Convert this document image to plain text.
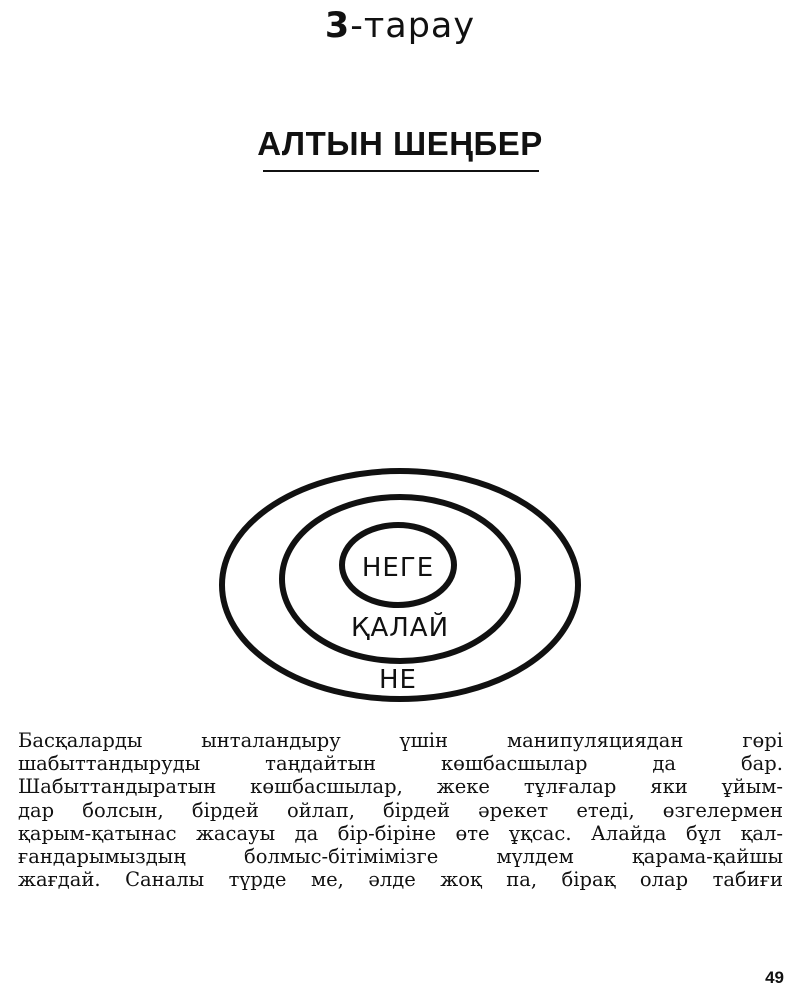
3-тарау
АЛТЫН ШЕҢБЕР
НЕГЕ
ҚАЛАЙ
НЕ

Басқаларды ынталандыру үшін манипуляциядан гөрі
шабыттандыруды таңдайтын көшбасшылар да бар.
Шабыттандыратын көшбасшылар, жеке тұлғалар яки ұйым-
дар болсын, бірдей ойлап, бірдей әрекет етеді, өзгелермен
қарым-қатынас жасауы да бір-біріне өте ұқсас. Алайда бұл қал-
ғандарымыздың болмыс-бітімімізге мүлдем қарама-қайшы
жағдай. Саналы түрде ме, әлде жоқ па, бірақ олар табиғи

49
